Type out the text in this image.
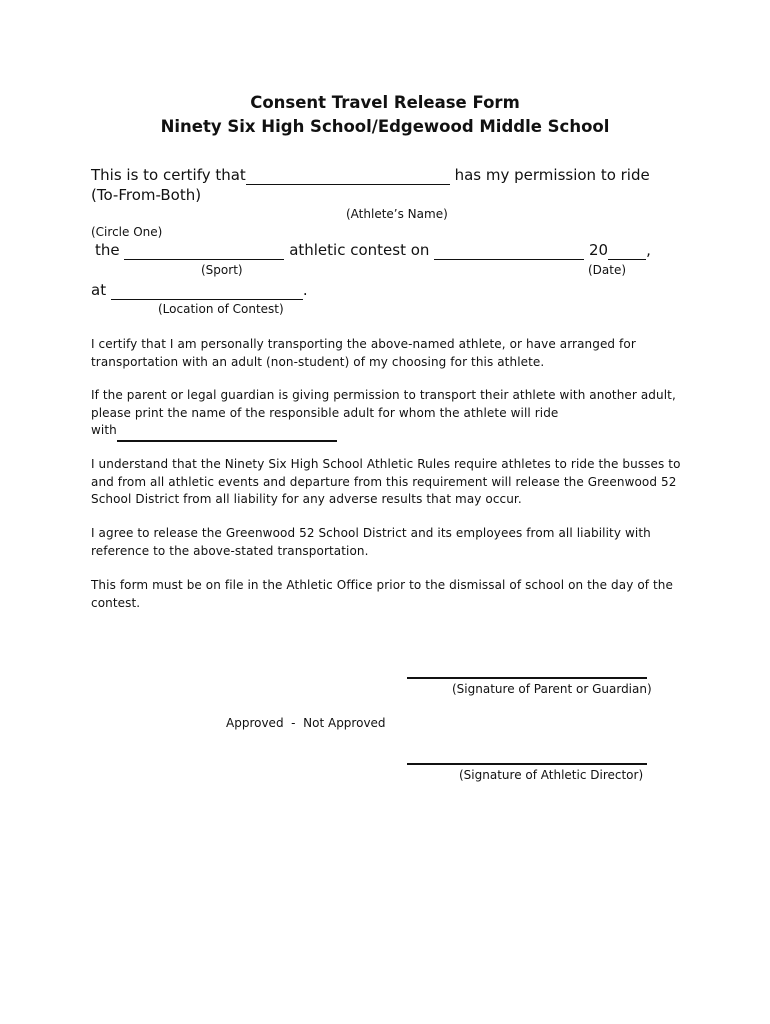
Consent Travel Release Form
Ninety Six High School/Edgewood Middle School
This is to certify that	has my permission to ride
(To-From-Both)
(Athlete’s Name)
(Circle One)
the	athletic contest on	20	,
(Sport)	(Date)
at	.
(Location of Contest)
I certify that I am personally transporting the above-named athlete, or have arranged for transportation with an adult (non-student) of my choosing for this athlete.
If the parent or legal guardian is giving permission to transport their athlete with another adult, please print the name of the responsible adult for whom the athlete will ride
with
I understand that the Ninety Six High School Athletic Rules require athletes to ride the busses to and from all athletic events and departure from this requirement will release the Greenwood 52 School District from all liability for any adverse results that may occur.
I agree to release the Greenwood 52 School District and its employees from all liability with reference to the above-stated transportation.
This form must be on file in the Athletic Office prior to the dismissal of school on the day of the contest.
(Signature of Parent or Guardian)
Approved  -  Not Approved
(Signature of Athletic Director)
